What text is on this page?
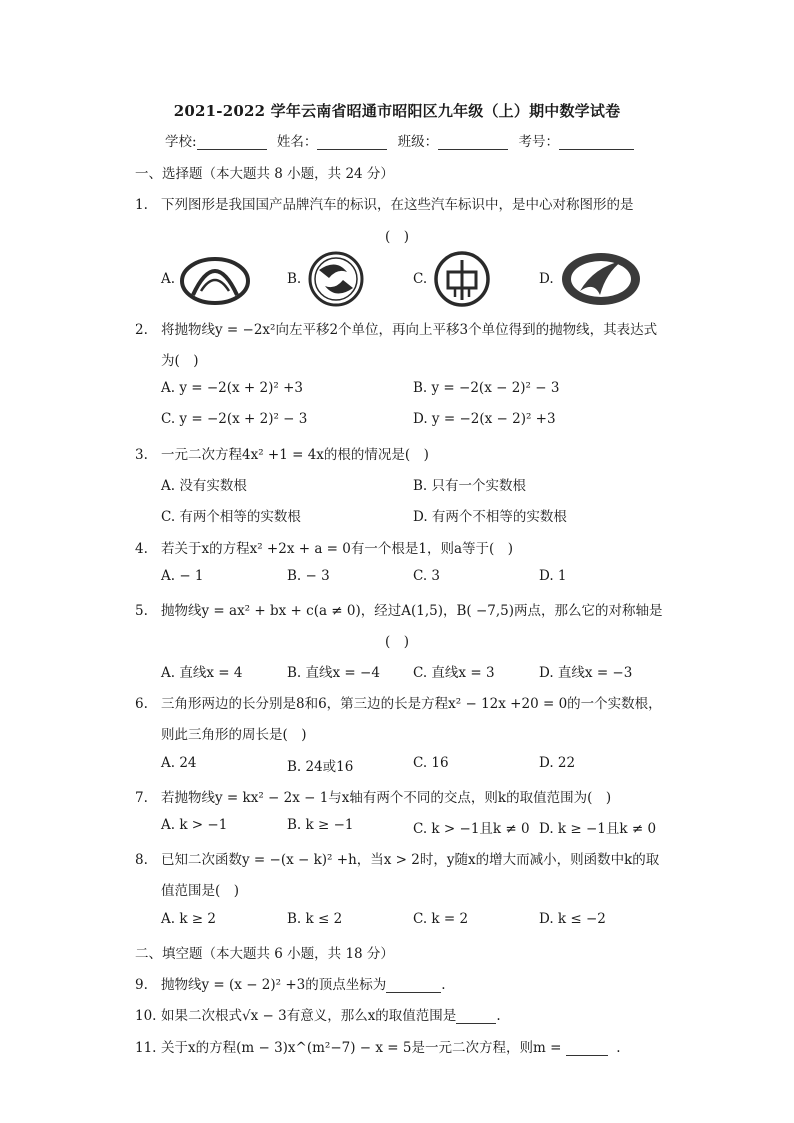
2021-2022 学年云南省昭通市昭阳区九年级（上）期中数学试卷
学校:	姓名：	班级：	考号：
一、选择题（本大题共 8 小题，共 24 分）
1. 下列图形是我国国产品牌汽车的标识，在这些汽车标识中，是中心对称图形的是
(　)
A.	B.	C.	D.
2. 将抛物线y = −2x²向左平移2个单位，再向上平移3个单位得到的抛物线，其表达式
为(　)
A. y = −2(x + 2)² +3	B. y = −2(x − 2)² − 3
C. y = −2(x + 2)² − 3	D. y = −2(x − 2)² +3
3. 一元二次方程4x² +1 = 4x的根的情况是(　)
A. 没有实数根	B. 只有一个实数根
C. 有两个相等的实数根	D. 有两个不相等的实数根
4. 若关于x的方程x² +2x + a = 0有一个根是1，则a等于(　)
A. − 1	B. − 3	C. 3	D. 1
5. 抛物线y = ax² + bx + c(a ≠ 0)，经过A(1,5)，B( −7,5)两点，那么它的对称轴是
(　)
A. 直线x = 4	B. 直线x = −4 C. 直线x = 3	D. 直线x = −3
6. 三角形两边的长分别是8和6，第三边的长是方程x² − 12x +20 = 0的一个实数根，
则此三角形的周长是(　)
A. 24	B. 24或16	C. 16	D. 22
7. 若抛物线y = kx² − 2x − 1与x轴有两个不同的交点，则k的取值范围为(　)
A. k > −1	B. k ≥ −1	C. k > −1且k ≠ 0 D. k ≥ −1且k ≠ 0
8. 已知二次函数y = −(x − k)² +h，当x > 2时，y随x的增大而减小，则函数中k的取
值范围是(　)
A. k ≥ 2	B. k ≤ 2	C. k = 2	D. k ≤ −2
二、填空题（本大题共 6 小题，共 18 分）
9. 抛物线y = (x − 2)² +3的顶点坐标为	.
10. 如果二次根式√x − 3有意义，那么x的取值范围是	.
11. 关于x的方程(m − 3)x^(m²−7) − x = 5是一元二次方程，则m =	.
